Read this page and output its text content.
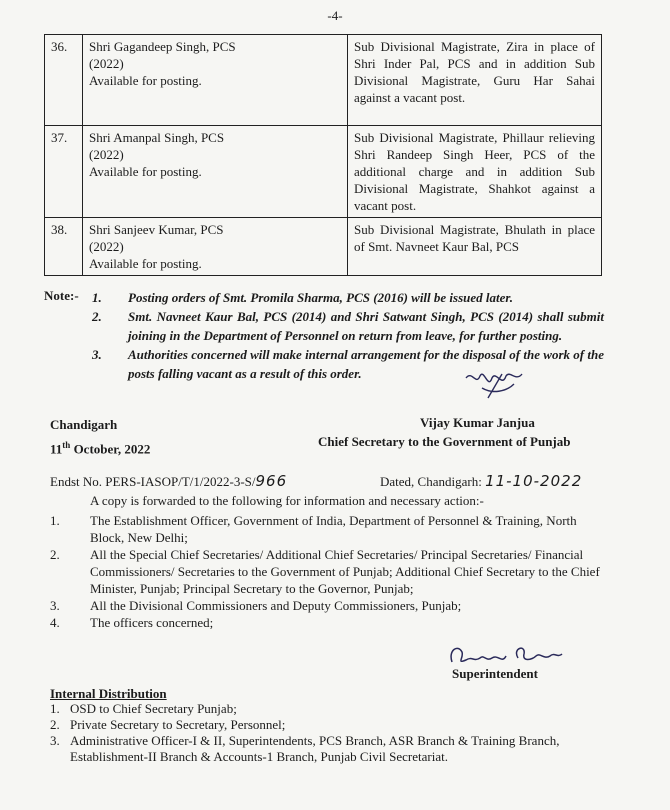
-4-
36.	Shri Gagandeep Singh, PCS
(2022)
Available for posting.	Sub Divisional Magistrate, Zira in place of Shri Inder Pal, PCS and in addition Sub Divisional Magistrate, Guru Har Sahai against a vacant post.
37.	Shri Amanpal Singh, PCS
(2022)
Available for posting.	Sub Divisional Magistrate, Phillaur relieving Shri Randeep Singh Heer, PCS of the additional charge and in addition Sub Divisional Magistrate, Shahkot against a vacant post.
38.	Shri Sanjeev Kumar, PCS
(2022)
Available for posting.	Sub Divisional Magistrate, Bhulath in place of Smt. Navneet Kaur Bal, PCS
Note:- 1.	Posting orders of Smt. Promila Sharma, PCS (2016) will be issued later.
2.	Smt. Navneet Kaur Bal, PCS (2014) and Shri Satwant Singh, PCS (2014) shall submit joining in the Department of Personnel on return from leave, for further posting.
3.	Authorities concerned will make internal arrangement for the disposal of the work of the posts falling vacant as a result of this order.
Chandigarh
11th October, 2022
Vijay Kumar Janjua
Chief Secretary to the Government of Punjab
Endst No. PERS-IASOP/T/1/2022-3-S/966	Dated, Chandigarh: 11-10-2022
A copy is forwarded to the following for information and necessary action:-
1.	The Establishment Officer, Government of India, Department of Personnel & Training, North Block, New Delhi;
2.	All the Special Chief Secretaries/ Additional Chief Secretaries/ Principal Secretaries/ Financial Commissioners/ Secretaries to the Government of Punjab; Additional Chief Secretary to the Chief Minister, Punjab; Principal Secretary to the Governor, Punjab;
3.	All the Divisional Commissioners and Deputy Commissioners, Punjab;
4.	The officers concerned;
Superintendent
Internal Distribution
1. OSD to Chief Secretary Punjab;
2. Private Secretary to Secretary, Personnel;
3. Administrative Officer-I & II, Superintendents, PCS Branch, ASR Branch & Training Branch, Establishment-II Branch & Accounts-1 Branch, Punjab Civil Secretariat.
